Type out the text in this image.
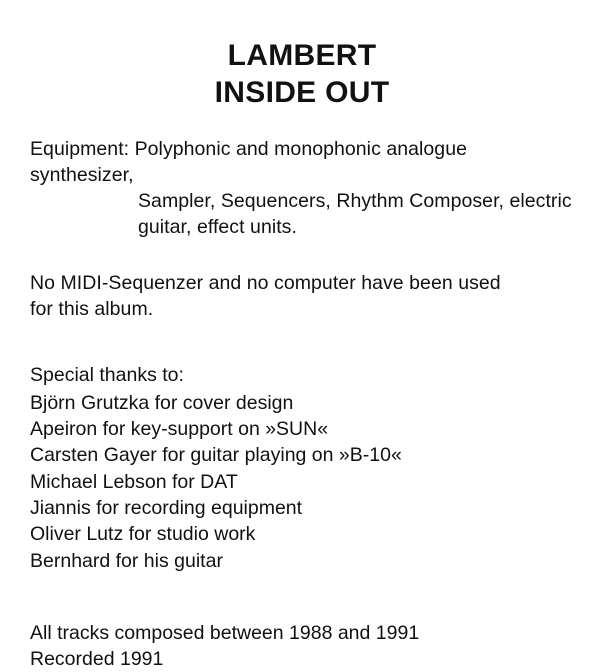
LAMBERT
INSIDE OUT

Equipment: Polyphonic and monophonic analogue synthesizer,
Sampler, Sequencers, Rhythm Composer, electric
guitar, effect units.

No MIDI-Sequenzer and no computer have been used
for this album.

Special thanks to:
Björn Grutzka for cover design
Apeiron for key-support on »SUN«
Carsten Gayer for guitar playing on »B-10«
Michael Lebson for DAT
Jiannis for recording equipment
Oliver Lutz for studio work
Bernhard for his guitar
All tracks composed between 1988 and 1991
Recorded 1991
